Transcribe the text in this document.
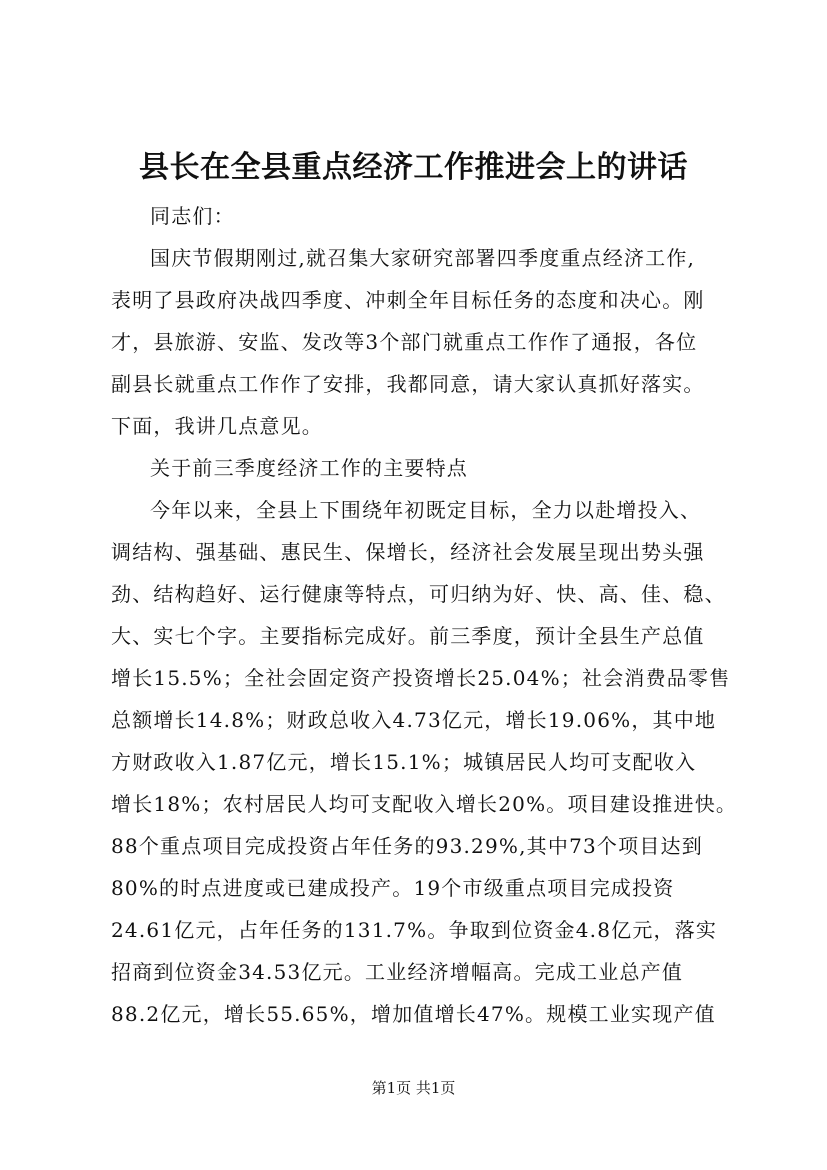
县长在全县重点经济工作推进会上的讲话
同志们：
国庆节假期刚过,就召集大家研究部署四季度重点经济工作,
表明了县政府决战四季度、冲刺全年目标任务的态度和决心。刚
才，县旅游、安监、发改等3个部门就重点工作作了通报，各位
副县长就重点工作作了安排，我都同意，请大家认真抓好落实。
下面，我讲几点意见。
关于前三季度经济工作的主要特点
今年以来，全县上下围绕年初既定目标，全力以赴增投入、
调结构、强基础、惠民生、保增长，经济社会发展呈现出势头强
劲、结构趋好、运行健康等特点，可归纳为好、快、高、佳、稳、
大、实七个字。主要指标完成好。前三季度，预计全县生产总值
增长15.5%；全社会固定资产投资增长25.04%；社会消费品零售
总额增长14.8%；财政总收入4.73亿元，增长19.06%，其中地
方财政收入1.87亿元，增长15.1%；城镇居民人均可支配收入
增长18%；农村居民人均可支配收入增长20%。项目建设推进快。
88个重点项目完成投资占年任务的93.29%,其中73个项目达到
80%的时点进度或已建成投产。19个市级重点项目完成投资
24.61亿元，占年任务的131.7%。争取到位资金4.8亿元，落实
招商到位资金34.53亿元。工业经济增幅高。完成工业总产值
88.2亿元，增长55.65%，增加值增长47%。规模工业实现产值
第1页 共1页
